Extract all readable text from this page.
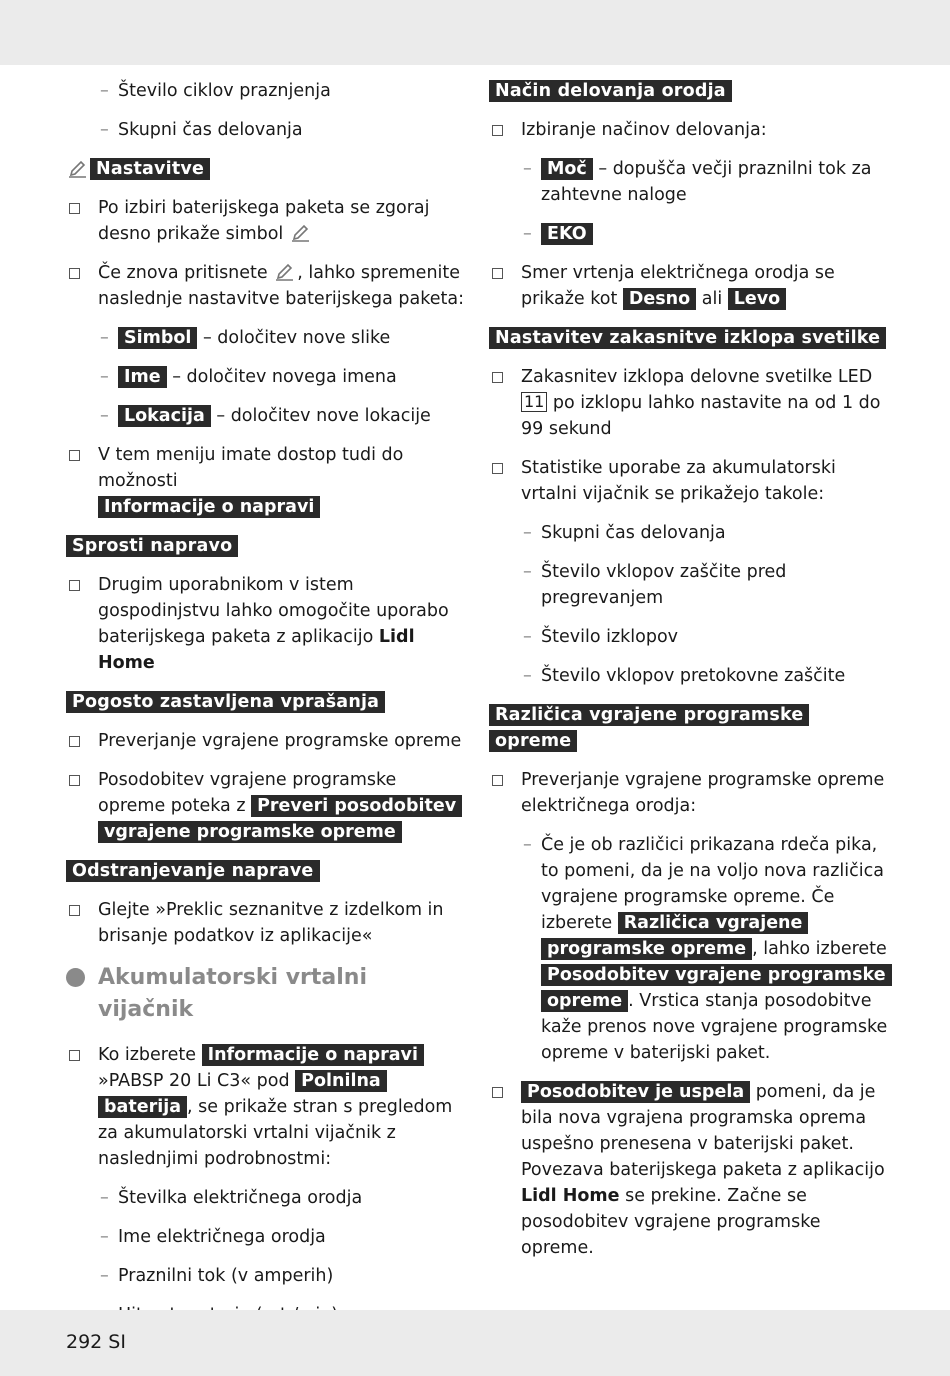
– Število ciklov praznjenja
– Skupni čas delovanja
Nastavitve
Po izbiri baterijskega paketa se zgoraj desno prikaže simbol
Če znova pritisnete , lahko spremenite naslednje nastavitve baterijskega paketa:
– Simbol – določitev nove slike
– Ime – določitev novega imena
– Lokacija – določitev nove lokacije
V tem meniju imate dostop tudi do možnosti
Informacije o napravi
Sprosti napravo
Drugim uporabnikom v istem gospodinjstvu lahko omogočite uporabo baterijskega paketa z aplikacijo Lidl Home
Pogosto zastavljena vprašanja
Preverjanje vgrajene programske opreme
Posodobitev vgrajene programske opreme poteka z Preveri posodobitev vgrajene programske opreme
Odstranjevanje naprave
Glejte »Preklic seznanitve z izdelkom in brisanje podatkov iz aplikacije«
Akumulatorski vrtalni vijačnik
Ko izberete Informacije o napravi »PABSP 20 Li C3« pod Polnilna baterija , se prikaže stran s pregledom za akumulatorski vrtalni vijačnik z naslednjimi podrobnostmi:
– Številka električnega orodja
– Ime električnega orodja
– Praznilni tok (v amperih)
Način delovanja orodja
Izbiranje načinov delovanja:
– Moč – dopušča večji praznilni tok za zahtevne naloge
– EKO
Smer vrtenja električnega orodja se prikaže kot Desno ali Levo
Nastavitev zakasnitve izklopa svetilke
Zakasnitev izklopa delovne svetilke LED 11 po izklopu lahko nastavite na od 1 do 99 sekund
Statistike uporabe za akumulatorski vrtalni vijačnik se prikažejo takole:
– Skupni čas delovanja
– Število vklopov zaščite pred pregrevanjem
– Število izklopov
– Število vklopov pretokovne zaščite
Različica vgrajene programske opreme
Preverjanje vgrajene programske opreme električnega orodja:
– Če je ob različici prikazana rdeča pika, to pomeni, da je na voljo nova različica vgrajene programske opreme. Če izberete Različica vgrajene programske opreme , lahko izberete Posodobitev vgrajene programske opreme . Vrstica stanja posodobitve kaže prenos nove vgrajene programske opreme v baterijski paket.
Posodobitev je uspela pomeni, da je bila nova vgrajena programska oprema uspešno prenesena v baterijski paket. Povezava baterijskega paketa z aplikacijo Lidl Home se prekine. Začne se posodobitev vgrajene programske opreme.
292 SI
